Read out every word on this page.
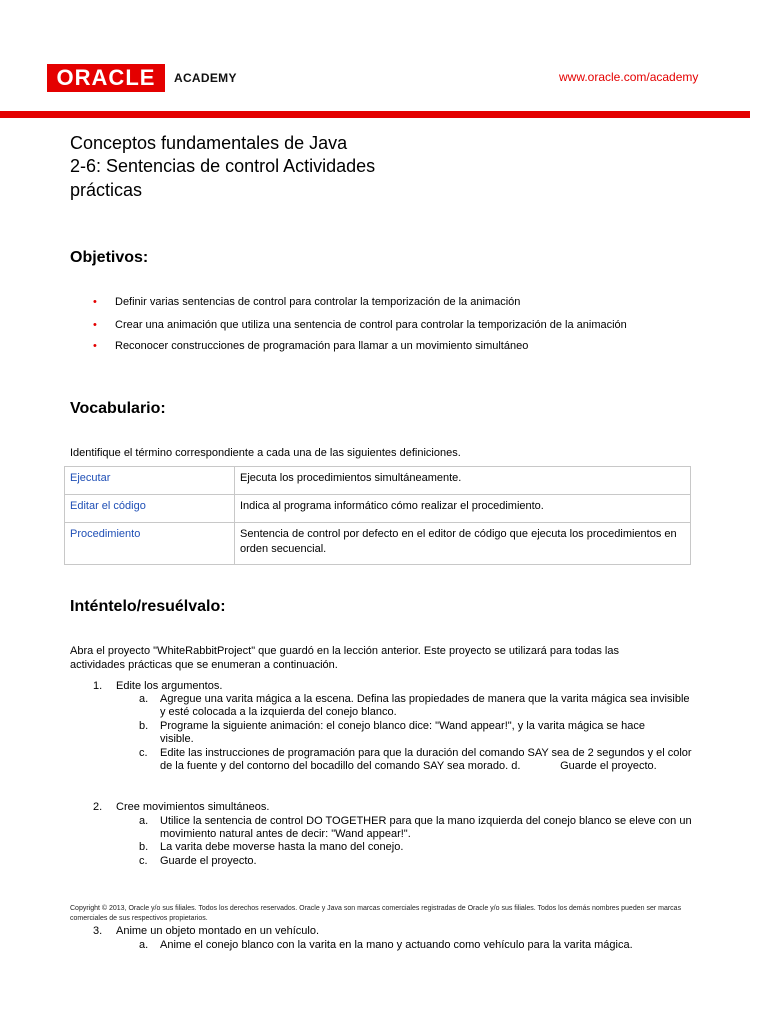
ORACLE	ACADEMY	www.oracle.com/academy
Conceptos fundamentales de Java
2-6: Sentencias de control Actividades
prácticas
Objetivos:
• Definir varias sentencias de control para controlar la temporización de la animación
• Crear una animación que utiliza una sentencia de control para controlar la temporización de la animación
• Reconocer construcciones de programación para llamar a un movimiento simultáneo
Vocabulario:
Identifique el término correspondiente a cada una de las siguientes definiciones.
Ejecutar	Ejecuta los procedimientos simultáneamente.
Editar el código	Indica al programa informático cómo realizar el procedimiento.
Procedimiento	Sentencia de control por defecto en el editor de código que ejecuta los procedimientos en orden secuencial.
Inténtelo/resuélvalo:
Abra el proyecto "WhiteRabbitProject" que guardó en la lección anterior. Este proyecto se utilizará para todas las actividades prácticas que se enumeran a continuación.
1. Edite los argumentos.
a. Agregue una varita mágica a la escena. Defina las propiedades de manera que la varita mágica sea invisible y esté colocada a la izquierda del conejo blanco.
b. Programe la siguiente animación: el conejo blanco dice: "Wand appear!", y la varita mágica se hace visible.
c. Edite las instrucciones de programación para que la duración del comando SAY sea de 2 segundos y el color de la fuente y del contorno del bocadillo del comando SAY sea morado. d.             Guarde el proyecto.
2. Cree movimientos simultáneos.
a. Utilice la sentencia de control DO TOGETHER para que la mano izquierda del conejo blanco se eleve con un movimiento natural antes de decir: "Wand appear!".
b. La varita debe moverse hasta la mano del conejo.
c. Guarde el proyecto.
Copyright © 2013, Oracle y/o sus filiales. Todos los derechos reservados. Oracle y Java son marcas comerciales registradas de Oracle y/o sus filiales. Todos los demás nombres pueden ser marcas comerciales de sus respectivos propietarios.
3. Anime un objeto montado en un vehículo.
a. Anime el conejo blanco con la varita en la mano y actuando como vehículo para la varita mágica.
